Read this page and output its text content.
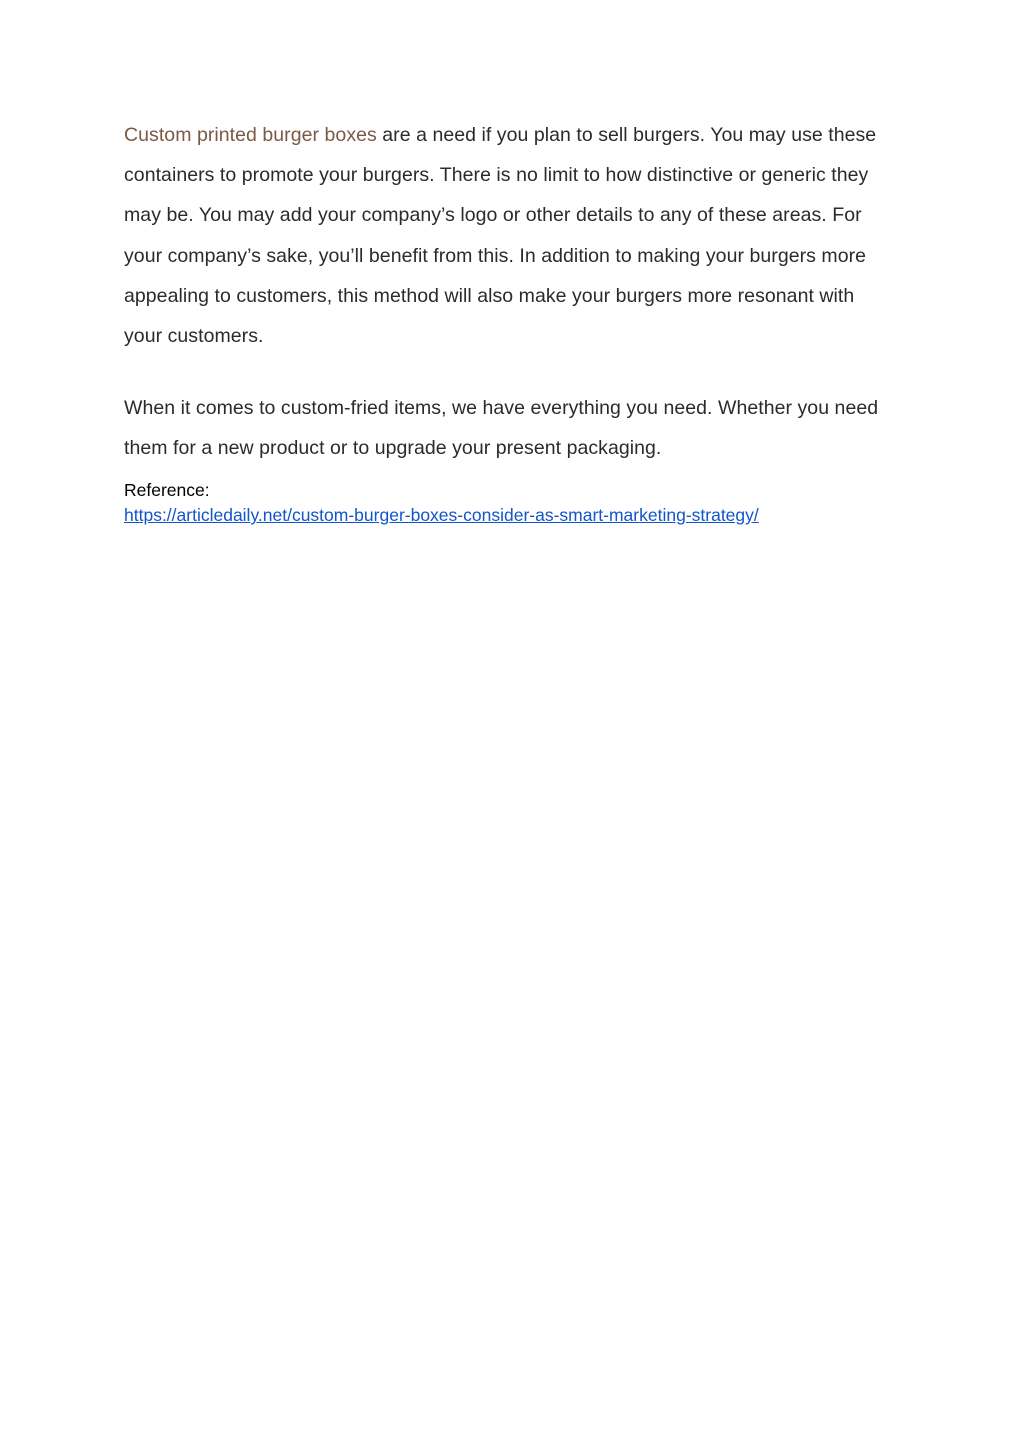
Custom printed burger boxes are a need if you plan to sell burgers. You may use these containers to promote your burgers. There is no limit to how distinctive or generic they may be. You may add your company’s logo or other details to any of these areas. For your company’s sake, you’ll benefit from this. In addition to making your burgers more appealing to customers, this method will also make your burgers more resonant with your customers.

When it comes to custom-fried items, we have everything you need. Whether you need them for a new product or to upgrade your present packaging.

Reference:
https://articledaily.net/custom-burger-boxes-consider-as-smart-marketing-strategy/
